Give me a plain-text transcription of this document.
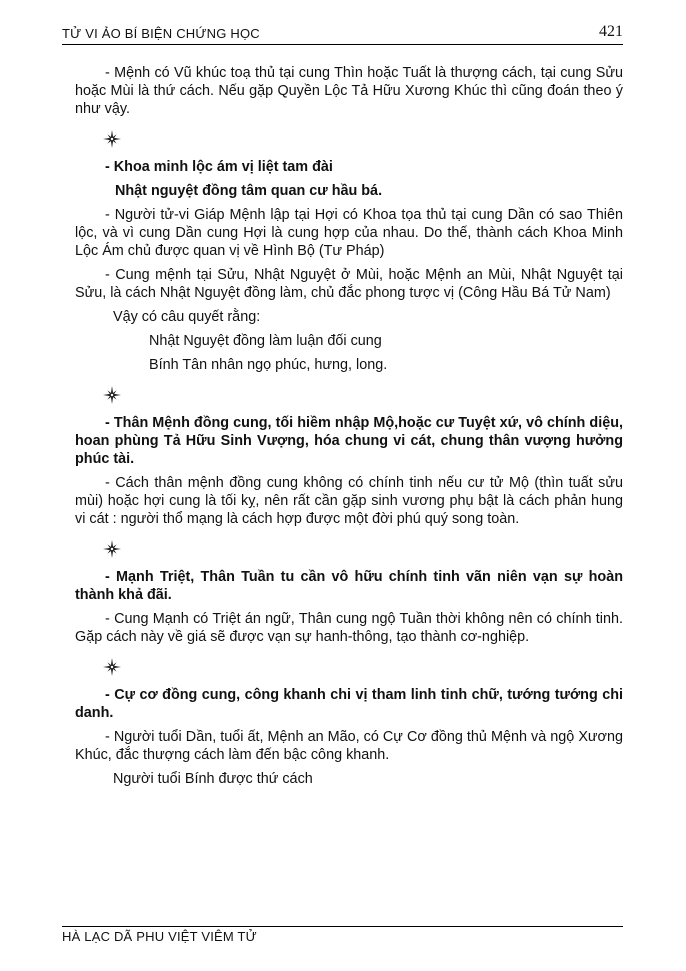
TỬ VI ẢO BÍ BIỆN CHỨNG HỌC	421

- Mệnh có Vũ khúc toạ thủ tại cung Thìn hoặc Tuất là thượng cách, tại cung Sửu hoặc Mùi là thứ cách. Nếu gặp Quyền Lộc Tả Hữu Xương Khúc thì cũng đoán theo ý như vậy.

- Khoa minh lộc ám vị liệt tam đài

Nhật nguyệt đồng tâm quan cư hầu bá.

- Người tử-vi Giáp Mệnh lập tại Hợi có Khoa tọa thủ tại cung Dần có sao Thiên lộc, và vì cung Dần cung Hợi là cung hợp của nhau. Do thế, thành cách Khoa Minh Lộc Ám chủ được quan vị về Hình Bộ (Tư Pháp)

- Cung mệnh tại Sửu, Nhật Nguyệt ở Mùi, hoặc Mệnh an Mùi, Nhật Nguyệt tại Sửu, là cách Nhật Nguyệt đồng làm, chủ đắc phong tược vị (Công Hầu Bá Tử Nam)

Vậy có câu quyết rằng:

Nhật Nguyệt đồng làm luận đối cung

Bính Tân nhân ngọ phúc, hưng, long.

- Thân Mệnh đồng cung, tối hiềm nhập Mộ,hoặc cư Tuyệt xứ, vô chính diệu, hoan phùng Tả Hữu Sinh Vượng, hóa chung vi cát, chung thân vượng hưởng phúc tài.

- Cách thân mệnh đồng cung không có chính tinh nếu cư tử Mộ (thìn tuất sửu mùi) hoặc hợi cung là tối kỵ, nên rất cần gặp sinh vương phụ bật là cách phản hung vi cát : người thổ mạng là cách hợp được một đời phú quý song toàn.

- Mạnh Triệt, Thân Tuần tu cần vô hữu chính tinh vãn niên vạn sự hoàn thành khả đãi.

- Cung Mạnh có Triệt án ngữ, Thân cung ngộ Tuần thời không nên có chính tinh. Gặp cách này về giá sẽ được vạn sự hanh-thông, tạo thành cơ-nghiệp.

- Cự cơ đồng cung, công khanh chi vị tham linh tinh chữ, tướng tướng chi danh.

- Người tuổi Dần, tuổi ất, Mệnh an Mão, có Cự Cơ đồng thủ Mệnh và ngộ Xương Khúc, đắc thượng cách làm đến bậc công khanh.

Người tuổi Bính được thứ cách

HÀ LẠC DÃ PHU VIỆT VIÊM TỬ
